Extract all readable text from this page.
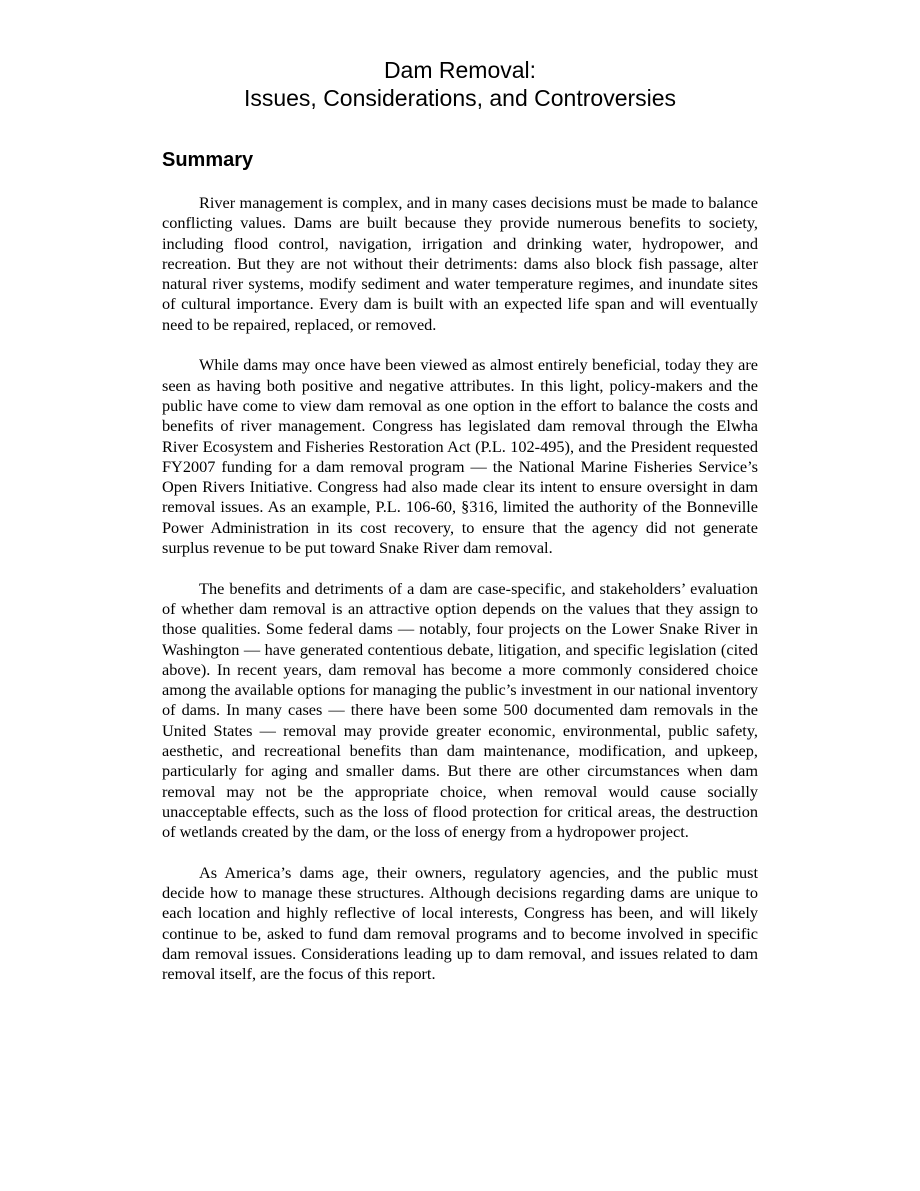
Dam Removal:
Issues, Considerations, and Controversies
Summary

River management is complex, and in many cases decisions must be made to balance conflicting values. Dams are built because they provide numerous benefits to society, including flood control, navigation, irrigation and drinking water, hydropower, and recreation. But they are not without their detriments: dams also block fish passage, alter natural river systems, modify sediment and water temperature regimes, and inundate sites of cultural importance. Every dam is built with an expected life span and will eventually need to be repaired, replaced, or removed.

While dams may once have been viewed as almost entirely beneficial, today they are seen as having both positive and negative attributes. In this light, policy-makers and the public have come to view dam removal as one option in the effort to balance the costs and benefits of river management. Congress has legislated dam removal through the Elwha River Ecosystem and Fisheries Restoration Act (P.L. 102-495), and the President requested FY2007 funding for a dam removal program — the National Marine Fisheries Service’s Open Rivers Initiative. Congress had also made clear its intent to ensure oversight in dam removal issues. As an example, P.L. 106-60, §316, limited the authority of the Bonneville Power Administration in its cost recovery, to ensure that the agency did not generate surplus revenue to be put toward Snake River dam removal.

The benefits and detriments of a dam are case-specific, and stakeholders’ evaluation of whether dam removal is an attractive option depends on the values that they assign to those qualities. Some federal dams — notably, four projects on the Lower Snake River in Washington — have generated contentious debate, litigation, and specific legislation (cited above). In recent years, dam removal has become a more commonly considered choice among the available options for managing the public’s investment in our national inventory of dams. In many cases — there have been some 500 documented dam removals in the United States — removal may provide greater economic, environmental, public safety, aesthetic, and recreational benefits than dam maintenance, modification, and upkeep, particularly for aging and smaller dams. But there are other circumstances when dam removal may not be the appropriate choice, when removal would cause socially unacceptable effects, such as the loss of flood protection for critical areas, the destruction of wetlands created by the dam, or the loss of energy from a hydropower project.

As America’s dams age, their owners, regulatory agencies, and the public must decide how to manage these structures. Although decisions regarding dams are unique to each location and highly reflective of local interests, Congress has been, and will likely continue to be, asked to fund dam removal programs and to become involved in specific dam removal issues. Considerations leading up to dam removal, and issues related to dam removal itself, are the focus of this report.
